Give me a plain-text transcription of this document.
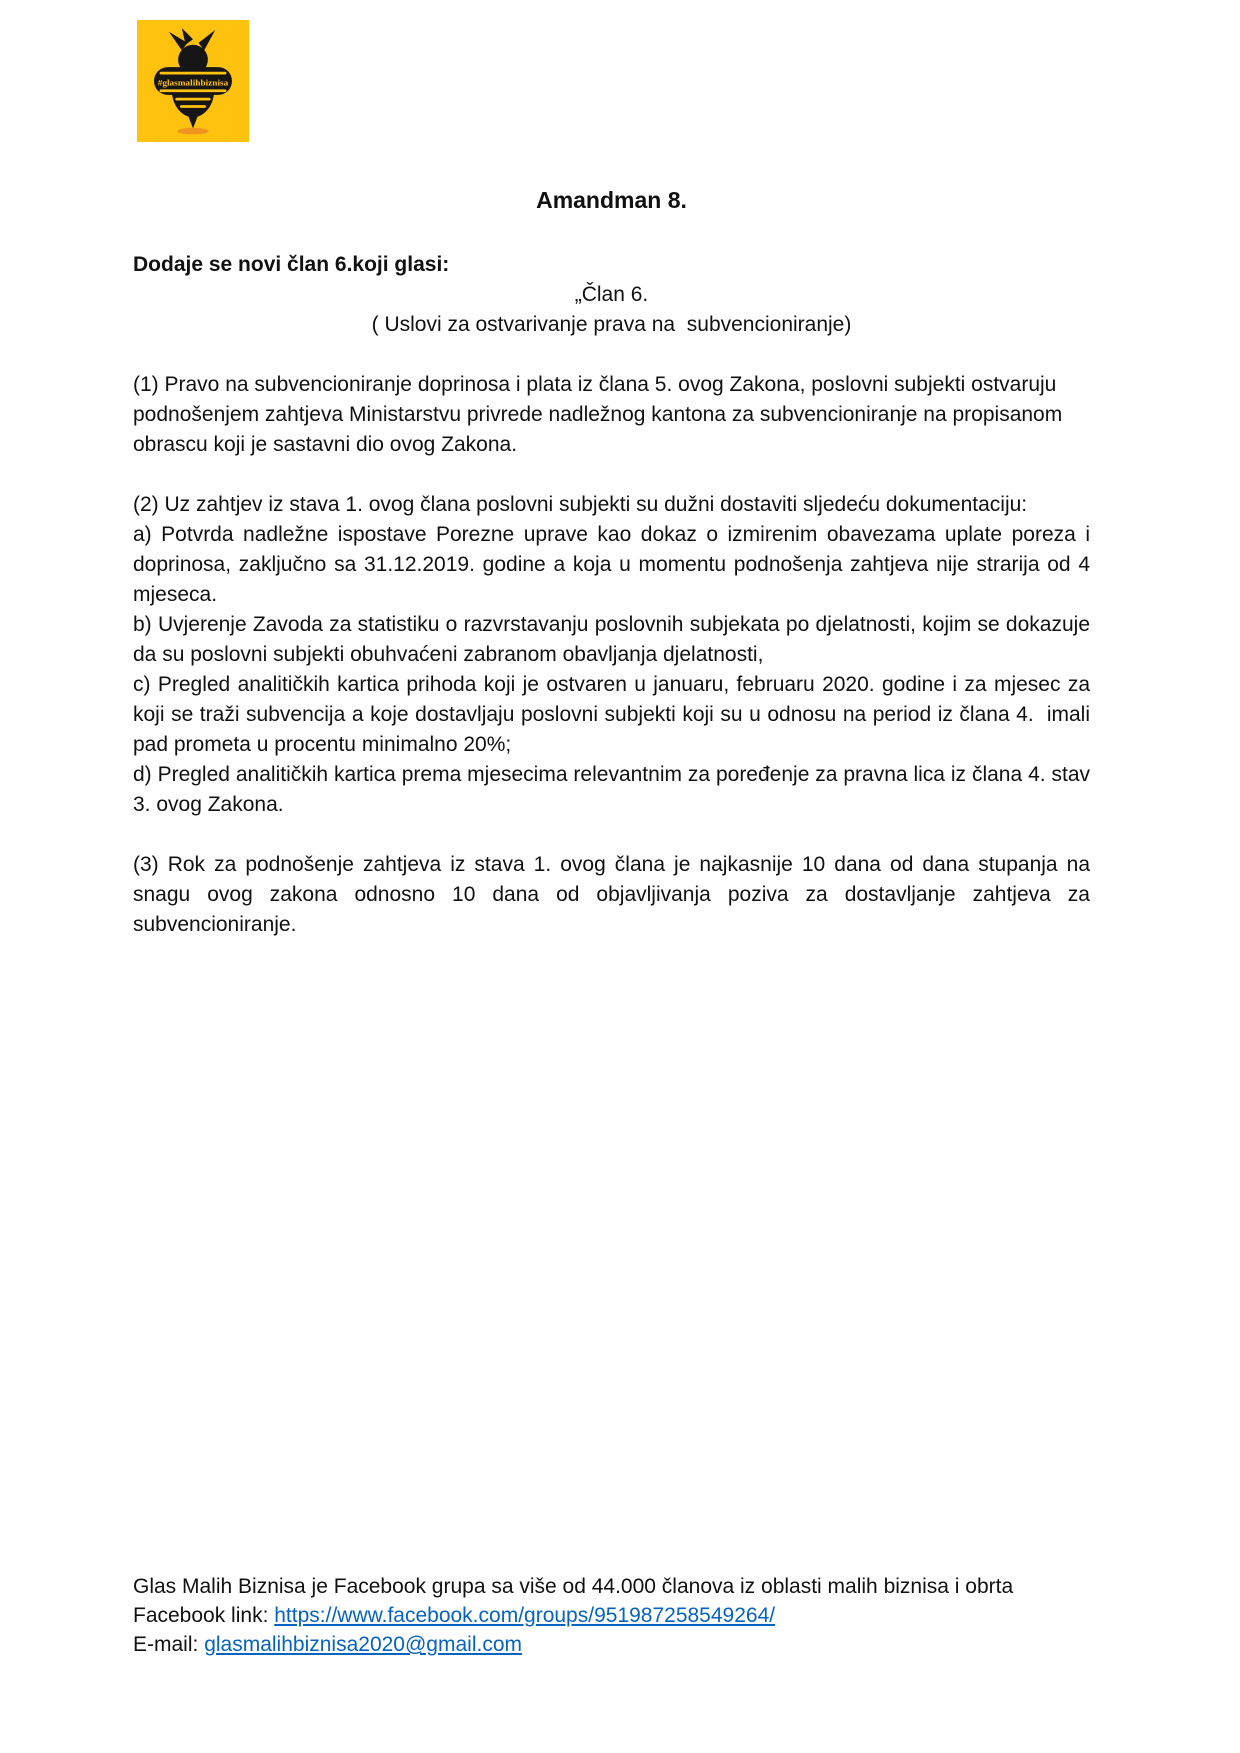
#glasmalihbiznisa
Amandman 8.

Dodaje se novi član 6.koji glasi:

„Član 6.

( Uslovi za ostvarivanje prava na  subvencioniranje)

(1) Pravo na subvencioniranje doprinosa i plata iz člana 5. ovog Zakona, poslovni subjekti ostvaruju podnošenjem zahtjeva Ministarstvu privrede nadležnog kantona za subvencioniranje na propisanom obrascu koji je sastavni dio ovog Zakona.

(2) Uz zahtjev iz stava 1. ovog člana poslovni subjekti su dužni dostaviti sljedeću dokumentaciju:

a) Potvrda nadležne ispostave Porezne uprave kao dokaz o izmirenim obavezama uplate poreza i doprinosa, zaključno sa 31.12.2019. godine a koja u momentu podnošenja zahtjeva nije strarija od 4 mjeseca.

b) Uvjerenje Zavoda za statistiku o razvrstavanju poslovnih subjekata po djelatnosti, kojim se dokazuje da su poslovni subjekti obuhvaćeni zabranom obavljanja djelatnosti,

c) Pregled analitičkih kartica prihoda koji je ostvaren u januaru, februaru 2020. godine i za mjesec za koji se traži subvencija a koje dostavljaju poslovni subjekti koji su u odnosu na period iz člana 4.  imali pad prometa u procentu minimalno 20%;

d) Pregled analitičkih kartica prema mjesecima relevantnim za poređenje za pravna lica iz člana 4. stav 3. ovog Zakona.

(3) Rok za podnošenje zahtjeva iz stava 1. ovog člana je najkasnije 10 dana od dana stupanja na snagu ovog zakona odnosno 10 dana od objavljivanja poziva za dostavljanje zahtjeva za subvencioniranje.

Glas Malih Biznisa je Facebook grupa sa više od 44.000 članova iz oblasti malih biznisa i obrta
Facebook link: https://www.facebook.com/groups/951987258549264/
E-mail: glasmalihbiznisa2020@gmail.com
